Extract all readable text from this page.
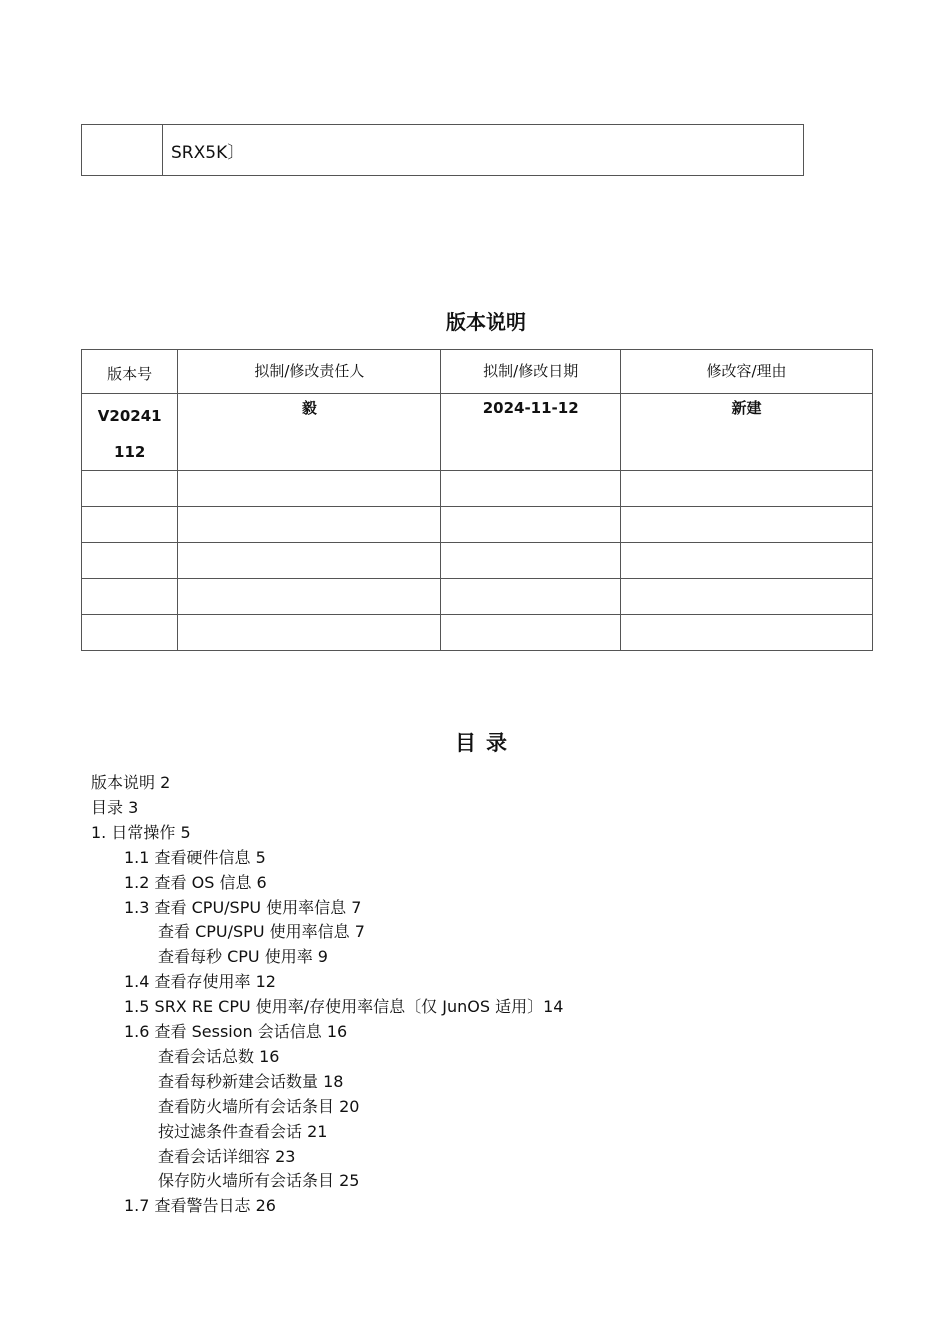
	SRX5K〕
版本说明
版本号	拟制/修改责任人	拟制/修改日期	修改容/理由

V20241
112	毅	2024-11-12	新建

目录
版本说明 2
目录 3
1. 日常操作 5
1.1 查看硬件信息 5
1.2 查看 OS 信息 6
1.3 查看 CPU/SPU 使用率信息 7
查看 CPU/SPU 使用率信息 7
查看每秒 CPU 使用率 9
1.4 查看存使用率 12
1.5 SRX RE CPU 使用率/存使用率信息〔仅 JunOS 适用〕14
1.6 查看 Session 会话信息 16
查看会话总数 16
查看每秒新建会话数量 18
查看防火墙所有会话条目 20
按过滤条件查看会话 21
查看会话详细容 23
保存防火墙所有会话条目 25
1.7 查看警告日志 26
